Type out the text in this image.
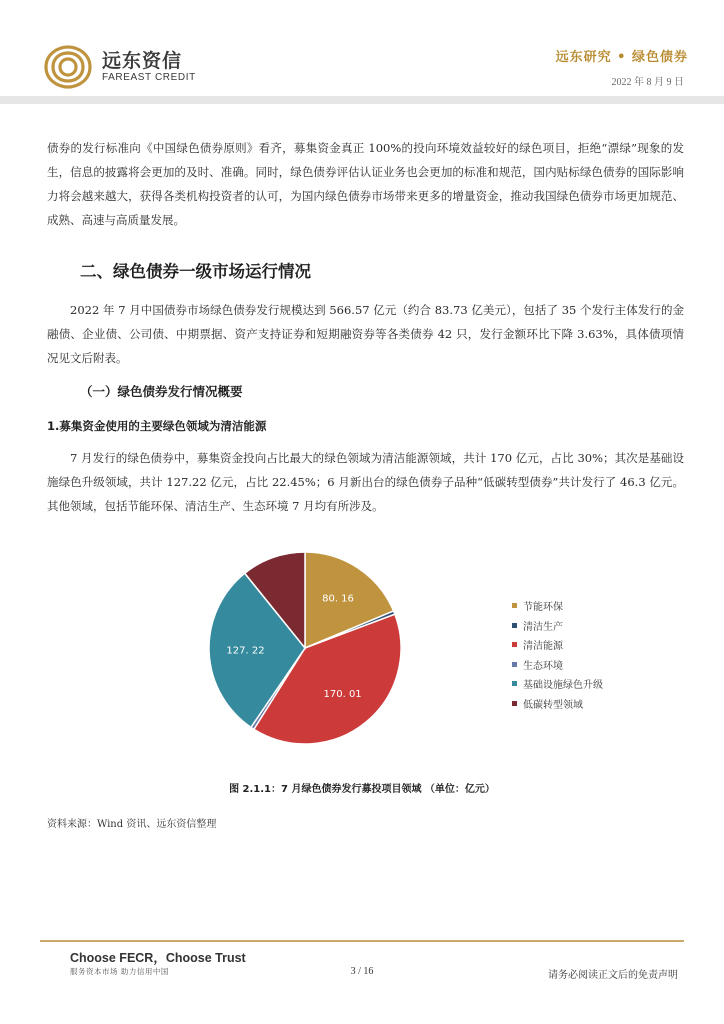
远东资信
FAREAST CREDIT
远东研究 • 绿色债券
2022 年 8 月 9 日

债券的发行标准向《中国绿色债券原则》看齐，募集资金真正 100%的投向环境效益较好的绿色项目，拒绝“漂绿”现象的发生，信息的披露将会更加的及时、准确。同时，绿色债券评估认证业务也会更加的标准和规范，国内贴标绿色债券的国际影响力将会越来越大，获得各类机构投资者的认可，为国内绿色债券市场带来更多的增量资金，推动我国绿色债券市场更加规范、成熟、高速与高质量发展。

二、绿色债券一级市场运行情况

2022 年 7 月中国债券市场绿色债券发行规模达到 566.57 亿元（约合 83.73 亿美元），包括了 35 个发行主体发行的金融债、企业债、公司债、中期票据、资产支持证券和短期融资券等各类债券 42 只，发行金额环比下降 3.63%，具体债项情况见文后附表。

（一）绿色债券发行情况概要
1.募集资金使用的主要绿色领域为清洁能源

7 月发行的绿色债券中，募集资金投向占比最大的绿色领域为清洁能源领域，共计 170 亿元，占比 30%；其次是基础设施绿色升级领域，共计 127.22 亿元，占比 22.45%；6 月新出台的绿色债券子品种“低碳转型债券”共计发行了 46.3 亿元。其他领域，包括节能环保、清洁生产、生态环境 7 月均有所涉及。

80. 16
170. 01
127. 22
节能环保
清洁生产
清洁能源
生态环境
基础设施绿色升级
低碳转型领域
图 2.1.1：7 月绿色债券发行募投项目领域 （单位：亿元）
资料来源：Wind 资讯、远东资信整理
Choose FECR，Choose Trust
服务资本市场 助力信用中国	3 / 16	请务必阅读正文后的免责声明
